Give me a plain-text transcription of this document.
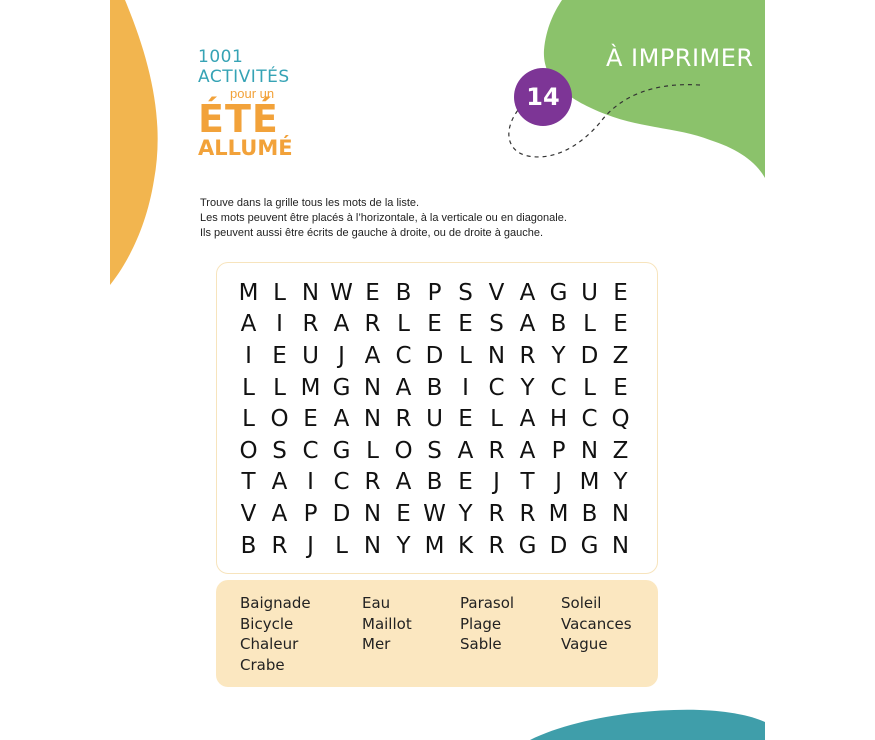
1001 ACTIVITÉS
pour un
ÉTÉ
ALLUMÉ
14
À IMPRIMER
Trouve dans la grille tous les mots de la liste.
Les mots peuvent être placés à l’horizontale, à la verticale ou en diagonale.
Ils peuvent aussi être écrits de gauche à droite, ou de droite à gauche.
M L N W E B P S V A G U E
A I R A R L E E S A B L E
I E U J A C D L N R Y D Z
L L M G N A B I C Y C L E
L O E A N R U E L A H C Q
O S C G L O S A R A P N Z
T A I C R A B E J T J M Y
V A P D N E W Y R R M B N
B R J L N Y M K R G D G N
Baignade	Eau	Parasol	Soleil
Bicycle	Maillot	Plage	Vacances
Chaleur	Mer	Sable	Vague
Crabe
